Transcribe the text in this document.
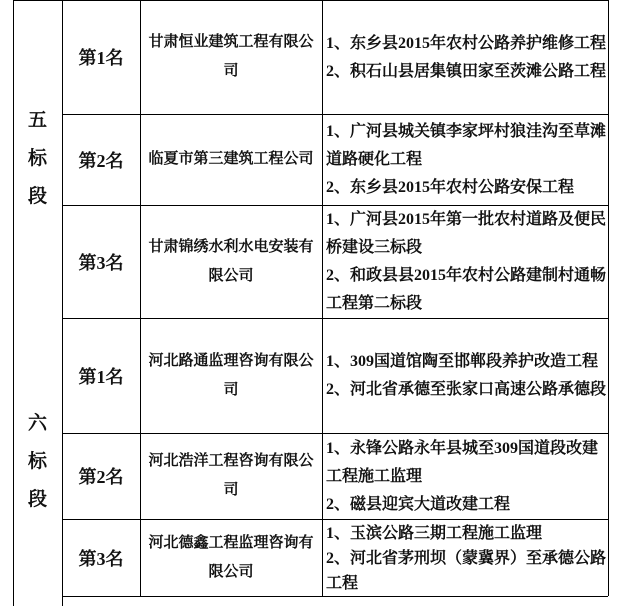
五标段
六标段
第1名
甘肃恒业建筑工程有限公司
1、东乡县2015年农村公路养护维修工程
2、积石山县居集镇田家至茨滩公路工程
第2名 临夏市第三建筑工程公司
1、广河县城关镇李家坪村狼洼沟至草滩道路硬化工程
2、东乡县2015年农村公路安保工程
第3名
甘肃锦绣水利水电安装有限公司
1、广河县2015年第一批农村道路及便民桥建设三标段
2、和政县县2015年农村公路建制村通畅工程第二标段
第1名
河北路通监理咨询有限公司
1、309国道馆陶至邯郸段养护改造工程
2、河北省承德至张家口高速公路承德段
第2名
河北浩洋工程咨询有限公司
1、永锋公路永年县城至309国道段改建工程施工监理
2、磁县迎宾大道改建工程
第3名
河北德鑫工程监理咨询有限公司
1、玉滨公路三期工程施工监理
2、河北省茅刑坝（蒙冀界）至承德公路工程
